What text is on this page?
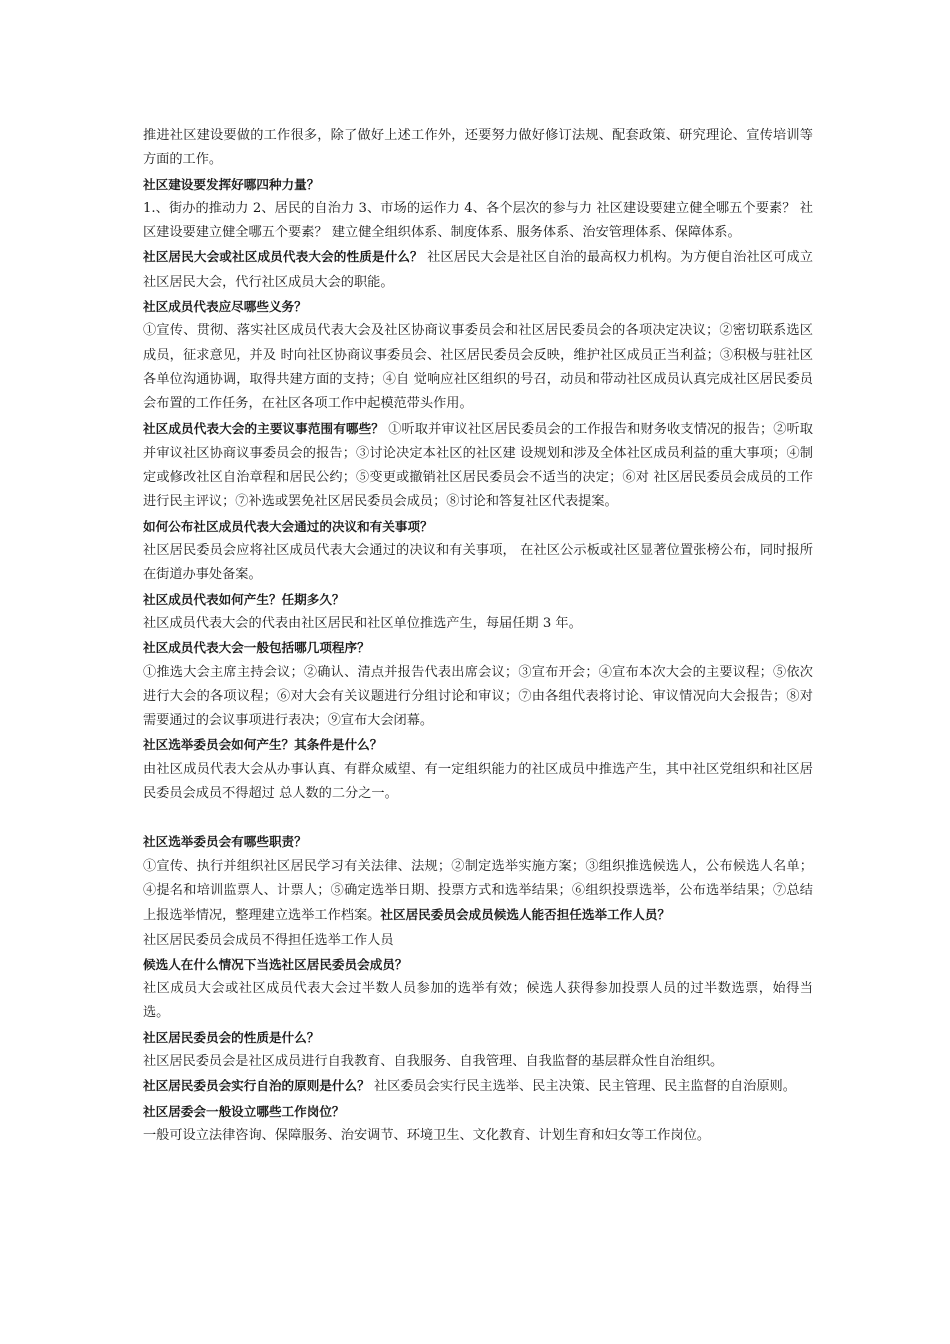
推进社区建设要做的工作很多，除了做好上述工作外，还要努力做好修订法规、配套政策、研究理论、宣传培训等方面的工作。

社区建设要发挥好哪四种力量？

1.、街办的推动力 2、居民的自治力 3、市场的运作力 4、各个层次的参与力 社区建设要建立健全哪五个要素？ 社区建设要建立健全哪五个要素？ 建立健全组织体系、制度体系、服务体系、治安管理体系、保障体系。

社区居民大会或社区成员代表大会的性质是什么？ 社区居民大会是社区自治的最高权力机构。为方便自治社区可成立社区居民大会，代行社区成员大会的职能。

社区成员代表应尽哪些义务？

①宣传、贯彻、落实社区成员代表大会及社区协商议事委员会和社区居民委员会的各项决定决议；②密切联系选区成员，征求意见，并及 时向社区协商议事委员会、社区居民委员会反映，维护社区成员正当利益；③积极与驻社区各单位沟通协调，取得共建方面的支持；④自 觉响应社区组织的号召，动员和带动社区成员认真完成社区居民委员会布置的工作任务，在社区各项工作中起模范带头作用。

社区成员代表大会的主要议事范围有哪些？ ①听取并审议社区居民委员会的工作报告和财务收支情况的报告；②听取并审议社区协商议事委员会的报告；③讨论决定本社区的社区建 设规划和涉及全体社区成员利益的重大事项；④制定或修改社区自治章程和居民公约；⑤变更或撤销社区居民委员会不适当的决定；⑥对 社区居民委员会成员的工作进行民主评议；⑦补选或罢免社区居民委员会成员；⑧讨论和答复社区代表提案。

如何公布社区成员代表大会通过的决议和有关事项？

社区居民委员会应将社区成员代表大会通过的决议和有关事项， 在社区公示板或社区显著位置张榜公布，同时报所在街道办事处备案。

社区成员代表如何产生？任期多久？

社区成员代表大会的代表由社区居民和社区单位推选产生，每届任期 3 年。

社区成员代表大会一般包括哪几项程序？

①推选大会主席主持会议；②确认、清点并报告代表出席会议；③宣布开会；④宣布本次大会的主要议程；⑤依次进行大会的各项议程；⑥对大会有关议题进行分组讨论和审议；⑦由各组代表将讨论、审议情况向大会报告；⑧对需要通过的会议事项进行表决；⑨宣布大会闭幕。

社区选举委员会如何产生？其条件是什么？

由社区成员代表大会从办事认真、有群众威望、有一定组织能力的社区成员中推选产生，其中社区党组织和社区居民委员会成员不得超过 总人数的二分之一。

社区选举委员会有哪些职责？

①宣传、执行并组织社区居民学习有关法律、法规；②制定选举实施方案；③组织推选候选人，公布候选人名单；④提名和培训监票人、计票人；⑤确定选举日期、投票方式和选举结果；⑥组织投票选举，公布选举结果；⑦总结上报选举情况，整理建立选举工作档案。社区居民委员会成员候选人能否担任选举工作人员？

社区居民委员会成员不得担任选举工作人员

候选人在什么情况下当选社区居民委员会成员？

社区成员大会或社区成员代表大会过半数人员参加的选举有效；候选人获得参加投票人员的过半数选票，始得当选。

社区居民委员会的性质是什么？

社区居民委员会是社区成员进行自我教育、自我服务、自我管理、自我监督的基层群众性自治组织。

社区居民委员会实行自治的原则是什么？ 社区委员会实行民主选举、民主决策、民主管理、民主监督的自治原则。

社区居委会一般设立哪些工作岗位？

一般可设立法律咨询、保障服务、治安调节、环境卫生、文化教育、计划生育和妇女等工作岗位。
